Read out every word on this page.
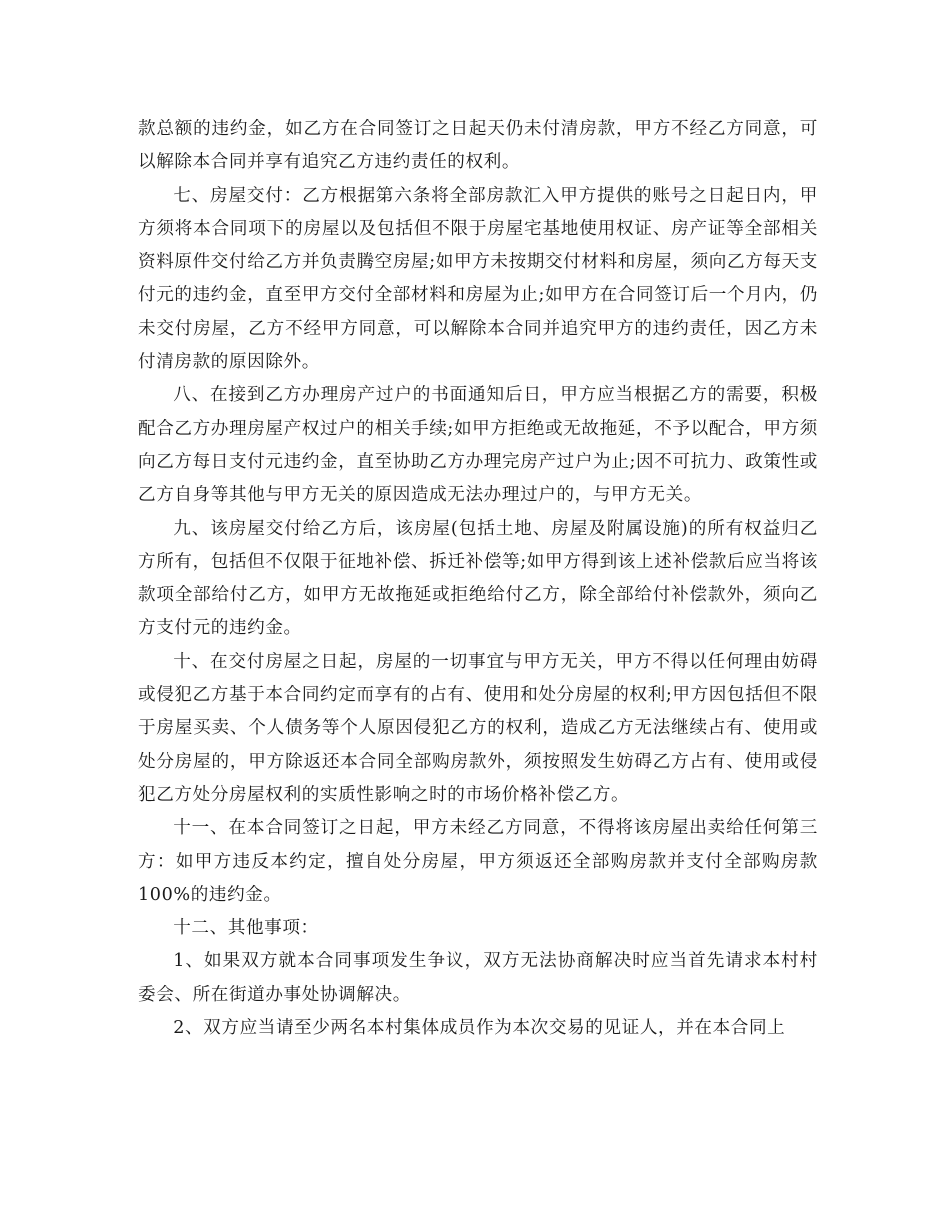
款总额的违约金，如乙方在合同签订之日起天仍未付清房款，甲方不经乙方同意，可以解除本合同并享有追究乙方违约责任的权利。

七、房屋交付：乙方根据第六条将全部房款汇入甲方提供的账号之日起日内，甲方须将本合同项下的房屋以及包括但不限于房屋宅基地使用权证、房产证等全部相关资料原件交付给乙方并负责腾空房屋;如甲方未按期交付材料和房屋，须向乙方每天支付元的违约金，直至甲方交付全部材料和房屋为止;如甲方在合同签订后一个月内，仍未交付房屋，乙方不经甲方同意，可以解除本合同并追究甲方的违约责任，因乙方未付清房款的原因除外。

八、在接到乙方办理房产过户的书面通知后日，甲方应当根据乙方的需要，积极配合乙方办理房屋产权过户的相关手续;如甲方拒绝或无故拖延，不予以配合，甲方须向乙方每日支付元违约金，直至协助乙方办理完房产过户为止;因不可抗力、政策性或乙方自身等其他与甲方无关的原因造成无法办理过户的，与甲方无关。

九、该房屋交付给乙方后，该房屋(包括土地、房屋及附属设施)的所有权益归乙方所有，包括但不仅限于征地补偿、拆迁补偿等;如甲方得到该上述补偿款后应当将该款项全部给付乙方，如甲方无故拖延或拒绝给付乙方，除全部给付补偿款外，须向乙方支付元的违约金。

十、在交付房屋之日起，房屋的一切事宜与甲方无关，甲方不得以任何理由妨碍或侵犯乙方基于本合同约定而享有的占有、使用和处分房屋的权利;甲方因包括但不限于房屋买卖、个人债务等个人原因侵犯乙方的权利，造成乙方无法继续占有、使用或处分房屋的，甲方除返还本合同全部购房款外，须按照发生妨碍乙方占有、使用或侵犯乙方处分房屋权利的实质性影响之时的市场价格补偿乙方。

十一、在本合同签订之日起，甲方未经乙方同意，不得将该房屋出卖给任何第三方：如甲方违反本约定，擅自处分房屋，甲方须返还全部购房款并支付全部购房款100%的违约金。

十二、其他事项：

1、如果双方就本合同事项发生争议，双方无法协商解决时应当首先请求本村村委会、所在街道办事处协调解决。

2、双方应当请至少两名本村集体成员作为本次交易的见证人，并在本合同上
